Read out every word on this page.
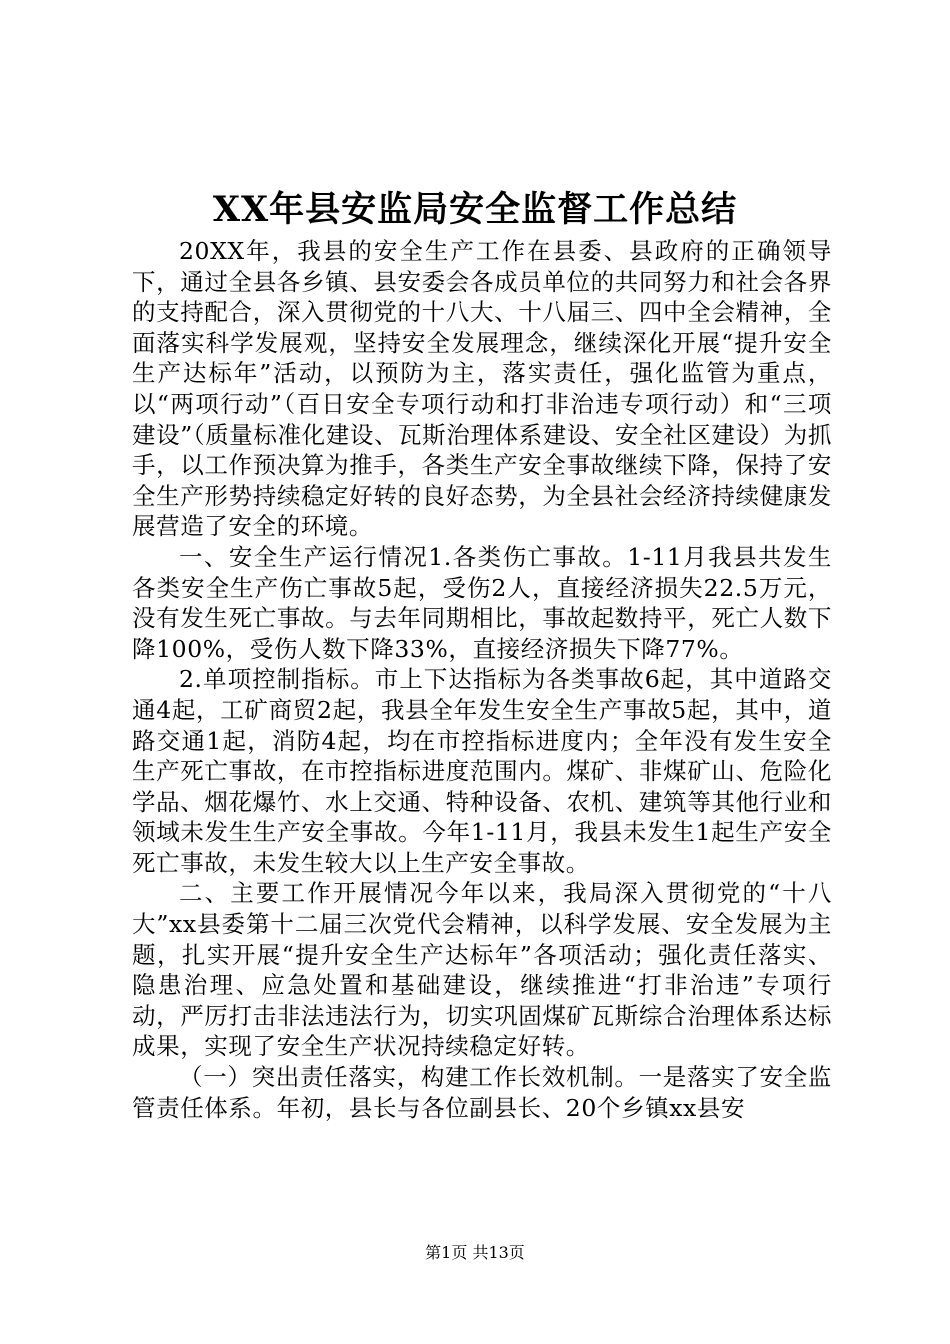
XX年县安监局安全监督工作总结

20XX年，我县的安全生产工作在县委、县政府的正确领导下，通过全县各乡镇、县安委会各成员单位的共同努力和社会各界的支持配合，深入贯彻党的十八大、十八届三、四中全会精神，全面落实科学发展观，坚持安全发展理念，继续深化开展“提升安全生产达标年”活动，以预防为主，落实责任，强化监管为重点，以“两项行动”（百日安全专项行动和打非治违专项行动）和“三项建设”（质量标准化建设、瓦斯治理体系建设、安全社区建设）为抓手，以工作预决算为推手，各类生产安全事故继续下降，保持了安全生产形势持续稳定好转的良好态势，为全县社会经济持续健康发展营造了安全的环境。

一、安全生产运行情况1.各类伤亡事故。1-11月我县共发生各类安全生产伤亡事故5起，受伤2人，直接经济损失22.5万元，没有发生死亡事故。与去年同期相比，事故起数持平，死亡人数下降100%，受伤人数下降33%，直接经济损失下降77%。

2.单项控制指标。市上下达指标为各类事故6起，其中道路交通4起，工矿商贸2起，我县全年发生安全生产事故5起，其中，道路交通1起，消防4起，均在市控指标进度内；全年没有发生安全生产死亡事故，在市控指标进度范围内。煤矿、非煤矿山、危险化学品、烟花爆竹、水上交通、特种设备、农机、建筑等其他行业和领域未发生生产安全事故。今年1-11月，我县未发生1起生产安全死亡事故，未发生较大以上生产安全事故。

二、主要工作开展情况今年以来，我局深入贯彻党的“十八大”xx县委第十二届三次党代会精神，以科学发展、安全发展为主题，扎实开展“提升安全生产达标年”各项活动；强化责任落实、隐患治理、应急处置和基础建设，继续推进“打非治违”专项行动，严厉打击非法违法行为，切实巩固煤矿瓦斯综合治理体系达标成果，实现了安全生产状况持续稳定好转。

（一）突出责任落实，构建工作长效机制。一是落实了安全监管责任体系。年初，县长与各位副县长、20个乡镇xx县安

第1页 共13页
